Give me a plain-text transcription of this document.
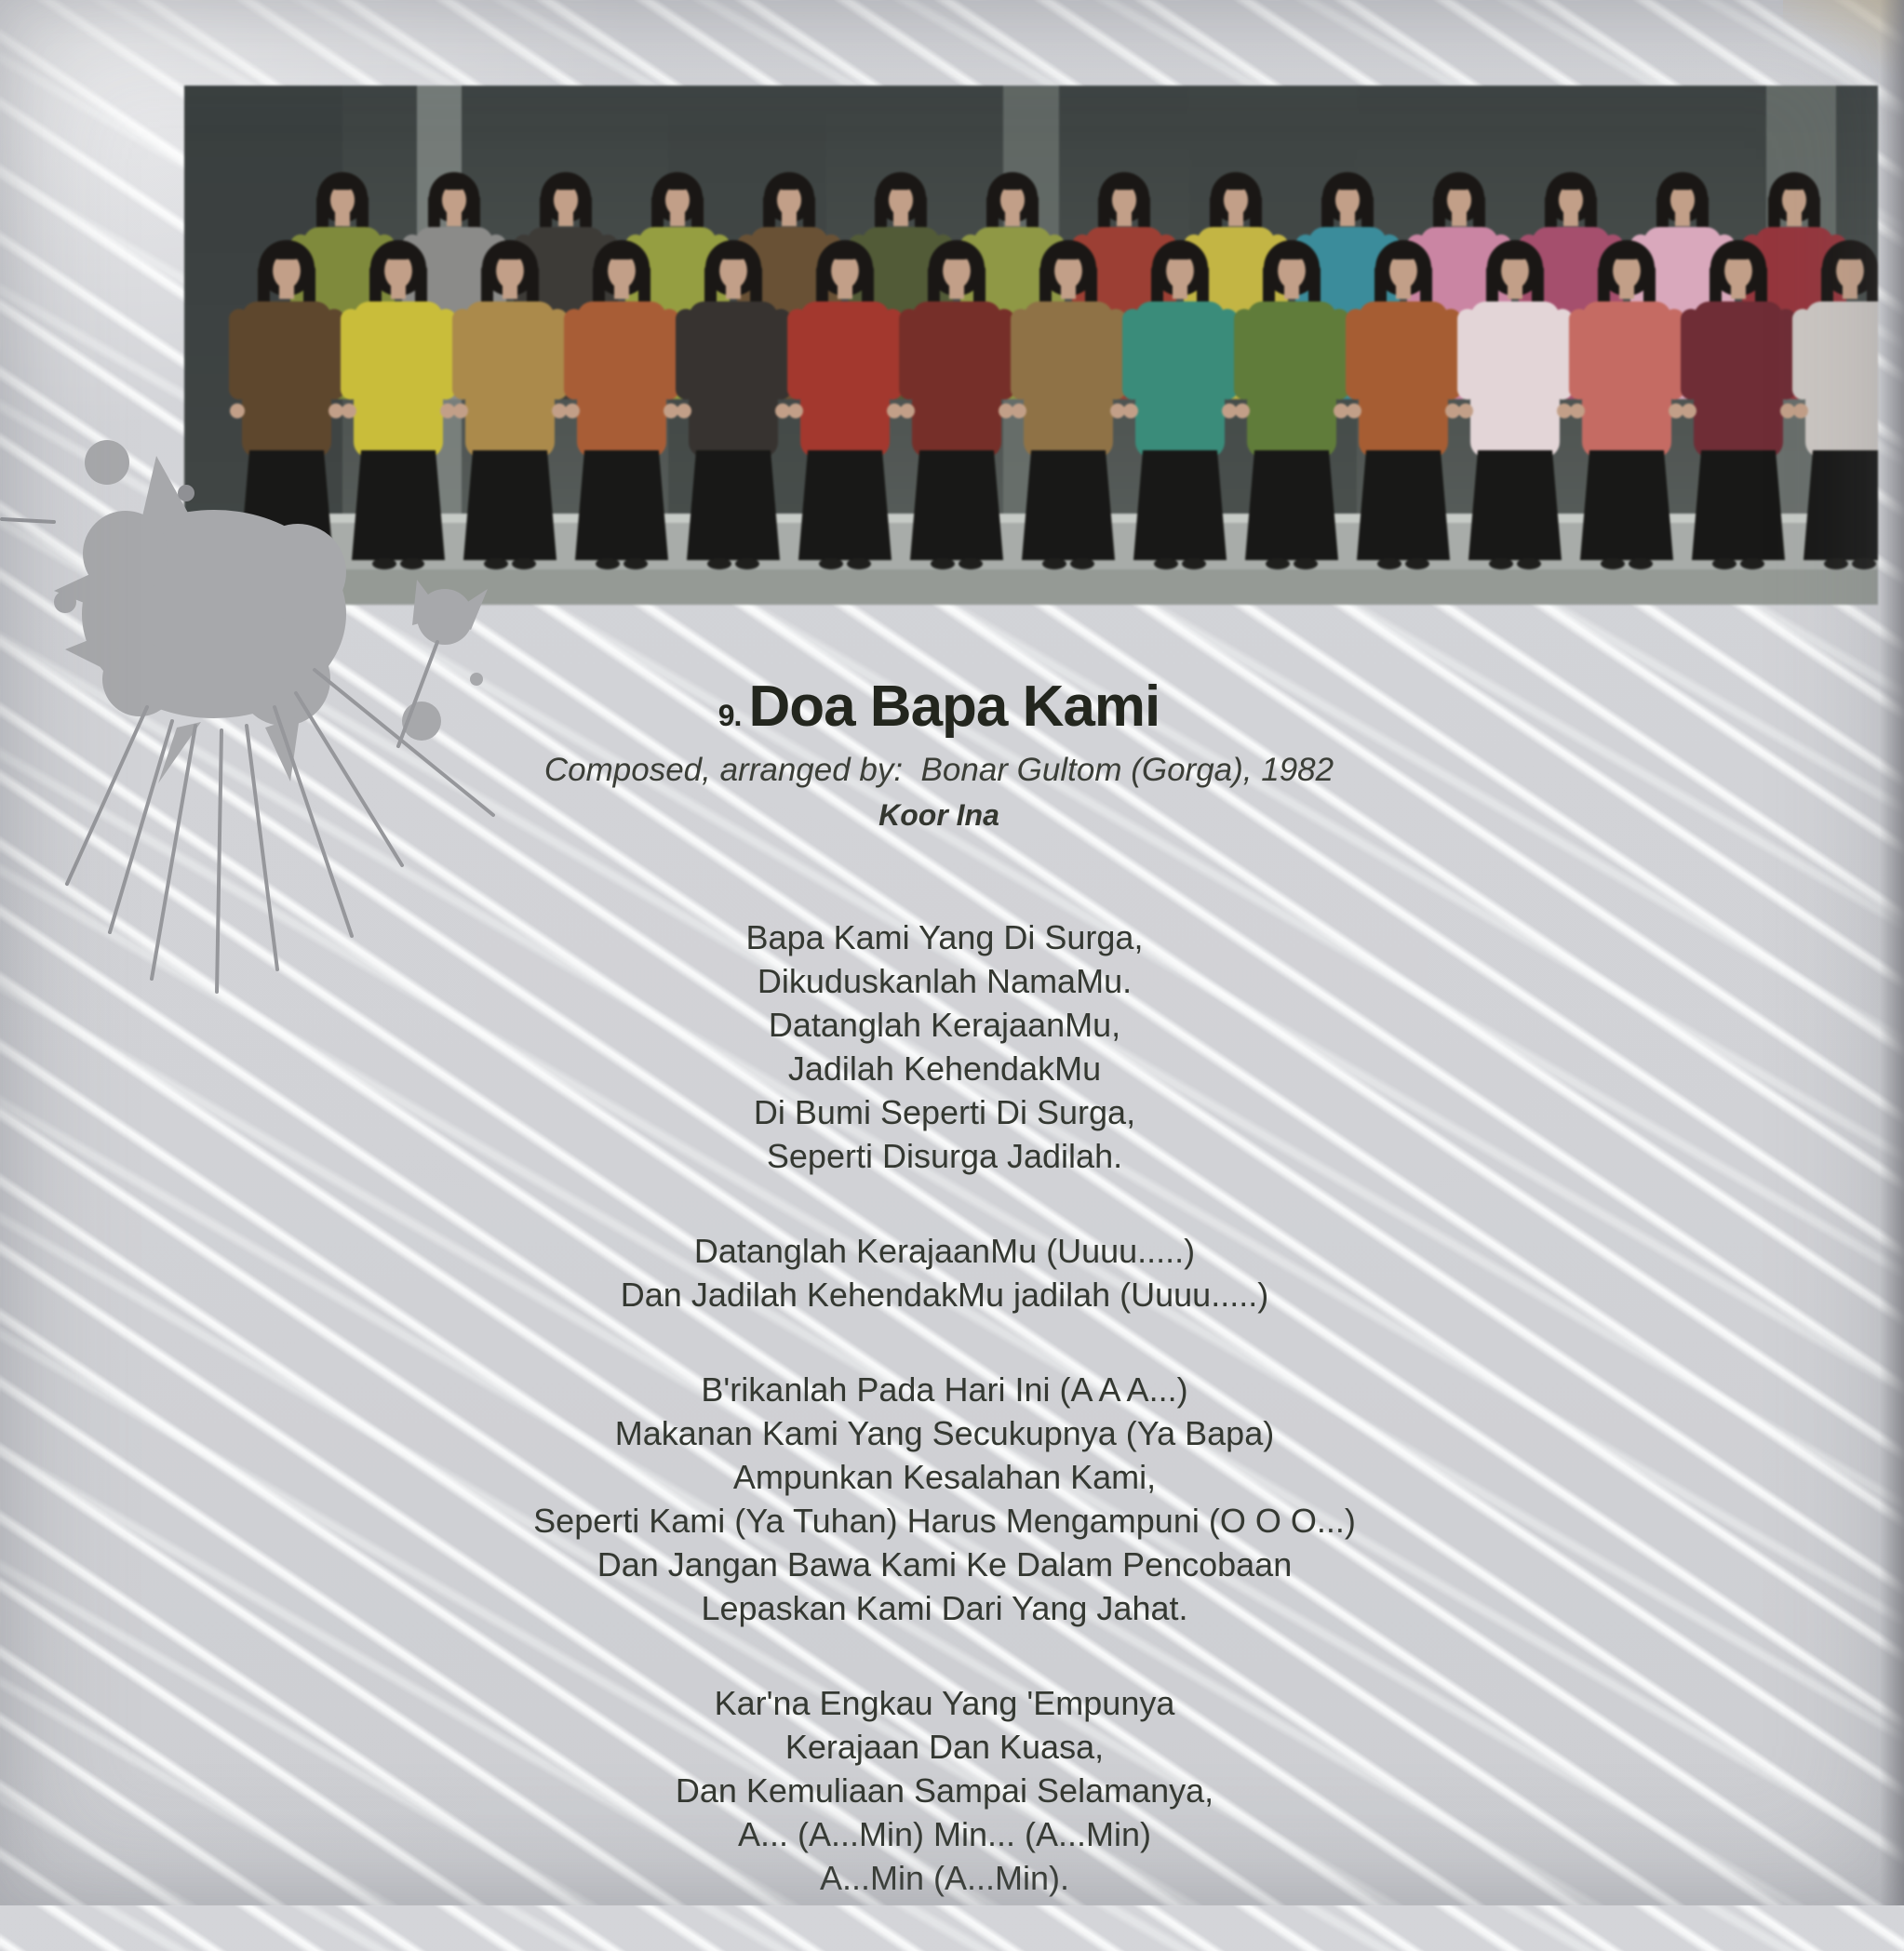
9. Doa Bapa Kami
Composed, arranged by:  Bonar Gultom (Gorga), 1982
Koor Ina
Bapa Kami Yang Di Surga,
Dikuduskanlah NamaMu.
Datanglah KerajaanMu,
Jadilah KehendakMu
Di Bumi Seperti Di Surga,
Seperti Disurga Jadilah.
Datanglah KerajaanMu (Uuuu.....)
Dan Jadilah KehendakMu jadilah (Uuuu.....)
B'rikanlah Pada Hari Ini (A A A...)
Makanan Kami Yang Secukupnya (Ya Bapa)
Ampunkan Kesalahan Kami,
Seperti Kami (Ya Tuhan) Harus Mengampuni (O O O...)
Dan Jangan Bawa Kami Ke Dalam Pencobaan
Lepaskan Kami Dari Yang Jahat.
Kar'na Engkau Yang 'Empunya
Kerajaan Dan Kuasa,
Dan Kemuliaan Sampai Selamanya,
A... (A...Min) Min... (A...Min)
A...Min (A...Min).
